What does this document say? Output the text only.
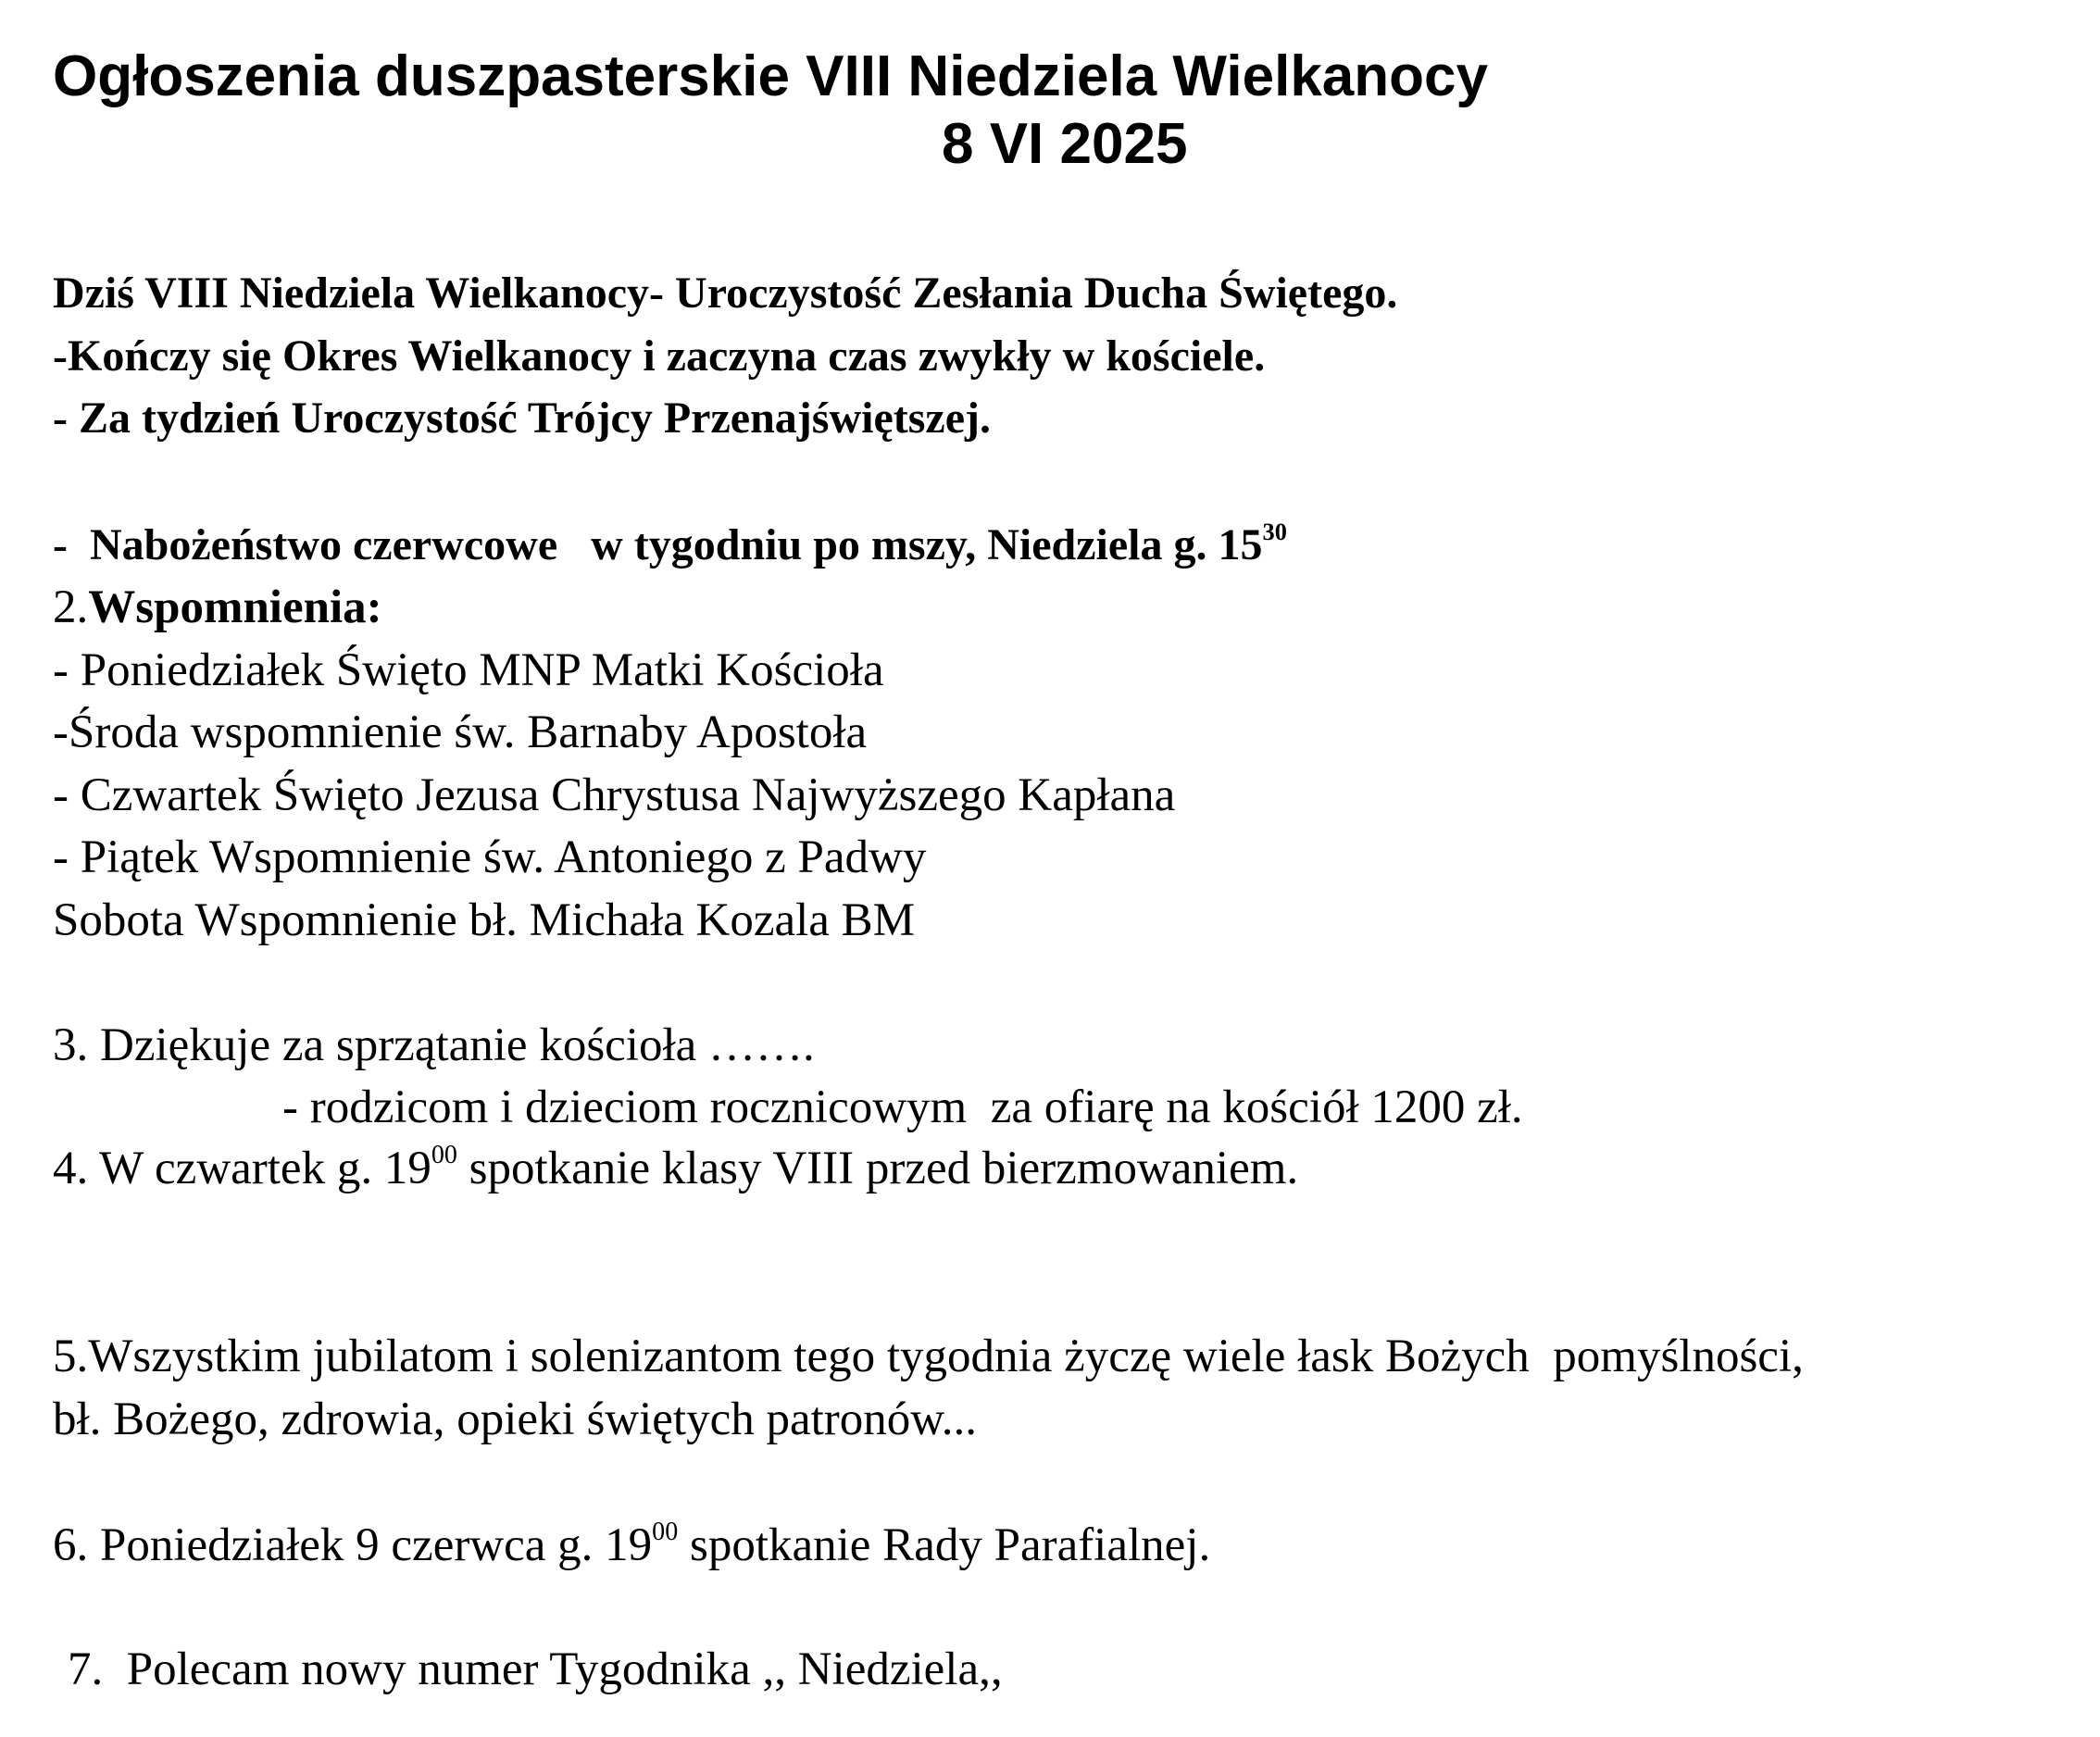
Ogłoszenia duszpasterskie VIII Niedziela Wielkanocy
8 VI 2025
Dziś VIII Niedziela Wielkanocy- Uroczystość Zesłania Ducha Świętego.
-Kończy się Okres Wielkanocy i zaczyna czas zwykły w kościele.
- Za tydzień Uroczystość Trójcy Przenajświętszej.
-  Nabożeństwo czerwcowe   w tygodniu po mszy, Niedziela g. $15^{30}$
2.Wspomnienia:
- Poniedziałek Święto MNP Matki Kościoła
-Środa wspomnienie św. Barnaby Apostoła
- Czwartek Święto Jezusa Chrystusa Najwyższego Kapłana
- Piątek Wspomnienie św. Antoniego z Padwy
Sobota Wspomnienie bł. Michała Kozala BM
3. Dziękuje za sprzątanie kościoła …….
- rodzicom i dzieciom rocznicowym  za ofiarę na kościół 1200 zł.
4. W czwartek g. $19^{00}$ spotkanie klasy VIII przed bierzmowaniem.
5.Wszystkim jubilatom i solenizantom tego tygodnia życzę wiele łask Bożych  pomyślności,
bł. Bożego, zdrowia, opieki świętych patronów...
6. Poniedziałek 9 czerwca g. $19^{00}$ spotkanie Rady Parafialnej.
7.  Polecam nowy numer Tygodnika ,, Niedziela,,
